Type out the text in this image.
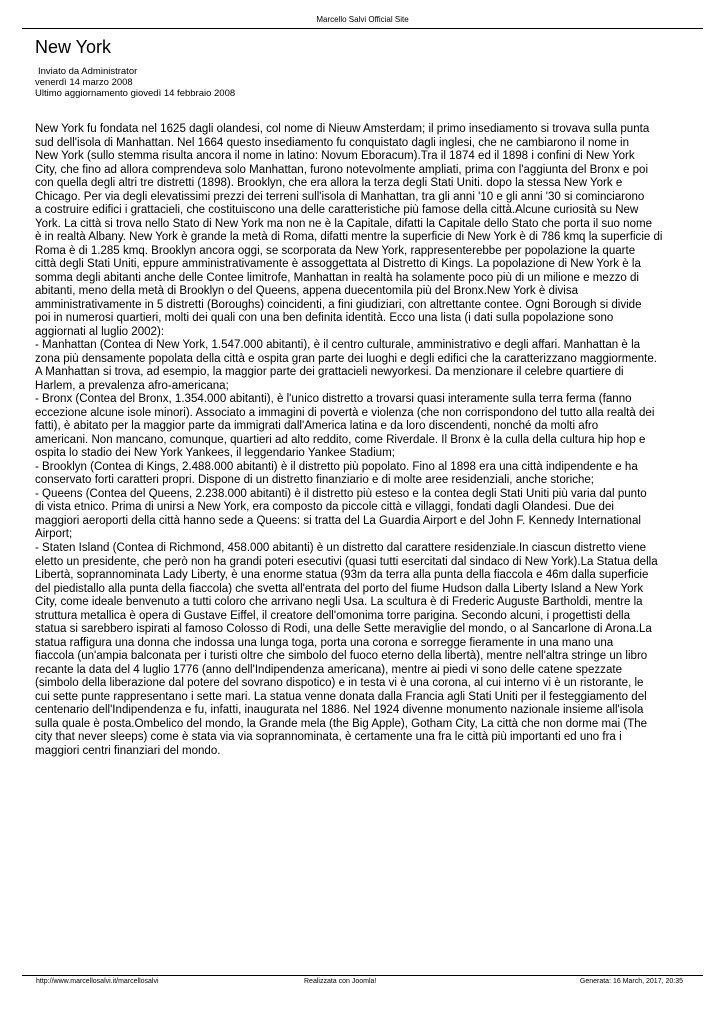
Marcello Salvi Official Site
New York
Inviato da Administrator
venerdì 14 marzo 2008
Ultimo aggiornamento giovedì 14 febbraio 2008

New York fu fondata nel 1625 dagli olandesi, col nome di Nieuw Amsterdam; il primo insediamento si trovava sulla punta
sud dell'isola di Manhattan. Nel 1664 questo insediamento fu conquistato dagli inglesi, che ne cambiarono il nome in
New York (sullo stemma risulta ancora il nome in latino: Novum Eboracum).Tra il 1874 ed il 1898 i confini di New York
City, che fino ad allora comprendeva solo Manhattan, furono notevolmente ampliati, prima con l'aggiunta del Bronx e poi
con quella degli altri tre distretti (1898). Brooklyn, che era allora la terza degli Stati Uniti. dopo la stessa New York e
Chicago. Per via degli elevatissimi prezzi dei terreni sull'isola di Manhattan, tra gli anni '10 e gli anni '30 si cominciarono
a costruire edifici i grattacieli, che costituiscono una delle caratteristiche più famose della città.Alcune curiosità su New
York. La città si trova nello Stato di New York ma non ne è la Capitale, difatti la Capitale dello Stato che porta il suo nome
è in realtà Albany. New York è grande la metà di Roma, difatti mentre la superficie di New York è di 786 kmq la superficie di
Roma è di 1.285 kmq. Brooklyn ancora oggi, se scorporata da New York, rappresenterebbe per popolazione la quarte
città degli Stati Uniti, eppure amministrativamente è assoggettata al Distretto di Kings. La popolazione di New York è la
somma degli abitanti anche delle Contee limitrofe, Manhattan in realtà ha solamente poco più di un milione e mezzo di
abitanti, meno della metà di Brooklyn o del Queens, appena duecentomila più del Bronx.New York è divisa
amministrativamente in 5 distretti (Boroughs) coincidenti, a fini giudiziari, con altrettante contee. Ogni Borough si divide
poi in numerosi quartieri, molti dei quali con una ben definita identità. Ecco una lista (i dati sulla popolazione sono
aggiornati al luglio 2002):
- Manhattan (Contea di New York, 1.547.000 abitanti), è il centro culturale, amministrativo e degli affari. Manhattan è la
zona più densamente popolata della città e ospita gran parte dei luoghi e degli edifici che la caratterizzano maggiormente.
A Manhattan si trova, ad esempio, la maggior parte dei grattacieli newyorkesi. Da menzionare il celebre quartiere di
Harlem, a prevalenza afro-americana;
- Bronx (Contea del Bronx, 1.354.000 abitanti), è l'unico distretto a trovarsi quasi interamente sulla terra ferma (fanno
eccezione alcune isole minori). Associato a immagini di povertà e violenza (che non corrispondono del tutto alla realtà dei
fatti), è abitato per la maggior parte da immigrati dall'America latina e da loro discendenti, nonché da molti afro
americani. Non mancano, comunque, quartieri ad alto reddito, come Riverdale. Il Bronx è la culla della cultura hip hop e
ospita lo stadio dei New York Yankees, il leggendario Yankee Stadium;
- Brooklyn (Contea di Kings, 2.488.000 abitanti) è il distretto più popolato. Fino al 1898 era una città indipendente e ha
conservato forti caratteri propri. Dispone di un distretto finanziario e di molte aree residenziali, anche storiche;
- Queens (Contea del Queens, 2.238.000 abitanti) è il distretto più esteso e la contea degli Stati Uniti più varia dal punto
di vista etnico. Prima di unirsi a New York, era composto da piccole città e villaggi, fondati dagli Olandesi. Due dei
maggiori aeroporti della città hanno sede a Queens: si tratta del La Guardia Airport e del John F. Kennedy International
Airport;
- Staten Island (Contea di Richmond, 458.000 abitanti) è un distretto dal carattere residenziale.In ciascun distretto viene
eletto un presidente, che però non ha grandi poteri esecutivi (quasi tutti esercitati dal sindaco di New York).La Statua della
Libertà, soprannominata Lady Liberty, è una enorme statua (93m da terra alla punta della fiaccola e 46m dalla superficie
del piedistallo alla punta della fiaccola) che svetta all'entrata del porto del fiume Hudson dalla Liberty Island a New York
City, come ideale benvenuto a tutti coloro che arrivano negli Usa. La scultura è di Frederic Auguste Bartholdi, mentre la
struttura metallica è opera di Gustave Eiffel, il creatore dell'omonima torre parigina. Secondo alcuni, i progettisti della
statua si sarebbero ispirati al famoso Colosso di Rodi, una delle Sette meraviglie del mondo, o al Sancarlone di Arona.La
statua raffigura una donna che indossa una lunga toga, porta una corona e sorregge fieramente in una mano una
fiaccola (un'ampia balconata per i turisti oltre che simbolo del fuoco eterno della libertà), mentre nell'altra stringe un libro
recante la data del 4 luglio 1776 (anno dell'Indipendenza americana), mentre ai piedi vi sono delle catene spezzate
(simbolo della liberazione dal potere del sovrano dispotico) e in testa vi è una corona, al cui interno vi è un ristorante, le
cui sette punte rappresentano i sette mari. La statua venne donata dalla Francia agli Stati Uniti per il festeggiamento del
centenario dell'Indipendenza e fu, infatti, inaugurata nel 1886. Nel 1924 divenne monumento nazionale insieme all'isola
sulla quale è posta.Ombelico del mondo, la Grande mela (the Big Apple), Gotham City, La città che non dorme mai (The
city that never sleeps) come è stata via via soprannominata, è certamente una fra le città più importanti ed uno fra i
maggiori centri finanziari del mondo.

http://www.marcellosalvi.it/marcellosalvi	Realizzata con Joomla!	Generata: 16 March, 2017, 20:35
